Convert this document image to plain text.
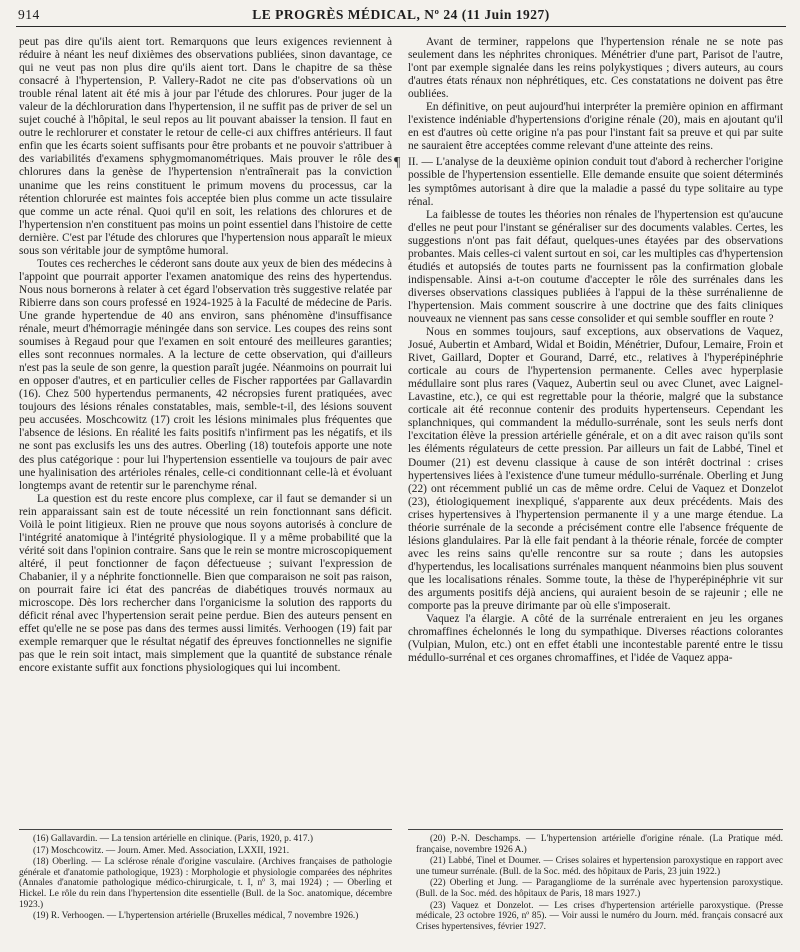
914	LE PROGRÈS MÉDICAL, Nº 24 (11 Juin 1927)

peut pas dire qu'ils aient tort. Remarquons que leurs exigences reviennent à réduire à néant les neuf dixièmes des observations publiées, sinon davantage, ce qui ne veut pas non plus dire qu'ils aient tort. Dans le chapitre de sa thèse consacré à l'hypertension, P. Vallery-Radot ne cite pas d'observations où un trouble rénal latent ait été mis à jour par l'étude des chlorures. Pour juger de la valeur de la déchloruration dans l'hypertension, il ne suffit pas de priver de sel un sujet couché à l'hôpital, le seul repos au lit pouvant abaisser la tension. Il faut en outre le rechlorurer et constater le retour de celle-ci aux chiffres antérieurs. Il faut enfin que les écarts soient suffisants pour être probants et ne pouvoir s'attribuer à des variabilités d'examens sphygmomanométriques. Mais prouver le rôle des chlorures dans la genèse de l'hypertension n'entraînerait pas la conviction unanime que les reins constituent le primum movens du processus, car la rétention chlorurée est maintes fois acceptée bien plus comme un acte tissulaire que comme un acte rénal. Quoi qu'il en soit, les relations des chlorures et de l'hypertension n'en constituent pas moins un point essentiel dans l'histoire de cette dernière. C'est par l'étude des chlorures que l'hypertension nous apparaît le mieux sous son véritable jour de symptôme humoral.

Toutes ces recherches le céderont sans doute aux yeux de bien des médecins à l'appoint que pourrait apporter l'examen anatomique des reins des hypertendus. Nous nous bornerons à relater à cet égard l'observation très suggestive relatée par Ribierre dans son cours professé en 1924-1925 à la Faculté de médecine de Paris. Une grande hypertendue de 40 ans environ, sans phénomène d'insuffisance rénale, meurt d'hémorragie méningée dans son service. Les coupes des reins sont soumises à Regaud pour que l'examen en soit entouré des meilleures garanties; elles sont reconnues normales. A la lecture de cette observation, qui d'ailleurs n'est pas la seule de son genre, la question paraît jugée. Néanmoins on pourrait lui en opposer d'autres, et en particulier celles de Fischer rapportées par Gallavardin (16). Chez 500 hypertendus permanents, 42 nécropsies furent pratiquées, avec toujours des lésions rénales constatables, mais, semble-t-il, des lésions souvent peu accusées. Moschcowitz (17) croit les lésions minimales plus fréquentes que l'absence de lésions. En réalité les faits positifs n'infirment pas les négatifs, et ils ne sont pas exclusifs les uns des autres. Oberling (18) toutefois apporte une note des plus catégorique : pour lui l'hypertension essentielle va toujours de pair avec une hyalinisation des artérioles rénales, celle-ci conditionnant celle-là et évoluant longtemps avant de retentir sur le parenchyme rénal.

La question est du reste encore plus complexe, car il faut se demander si un rein apparaissant sain est de toute nécessité un rein fonctionnant sans déficit. Voilà le point litigieux. Rien ne prouve que nous soyons autorisés à conclure de l'intégrité anatomique à l'intégrité physiologique. Il y a même probabilité que la vérité soit dans l'opinion contraire. Sans que le rein se montre microscopiquement altéré, il peut fonctionner de façon défectueuse ; suivant l'expression de Chabanier, il y a néphrite fonctionnelle. Bien que comparaison ne soit pas raison, on pourrait faire ici état des pancréas de diabétiques trouvés normaux au microscope. Dès lors rechercher dans l'organicisme la solution des rapports du déficit rénal avec l'hypertension serait peine perdue. Bien des auteurs pensent en effet qu'elle ne se pose pas dans des termes aussi limités. Verhoogen (19) fait par exemple remarquer que le résultat négatif des épreuves fonctionnelles ne signifie pas que le rein soit intact, mais simplement que la quantité de substance rénale encore existante suffit aux fonctions physiologiques qui lui incombent.

Avant de terminer, rappelons que l'hypertension rénale ne se note pas seulement dans les néphrites chroniques. Ménétrier d'une part, Parisot de l'autre, l'ont par exemple signalée dans les reins polykystiques ; divers auteurs, au cours d'autres états rénaux non néphrétiques, etc. Ces constatations ne doivent pas être oubliées.

En définitive, on peut aujourd'hui interpréter la première opinion en affirmant l'existence indéniable d'hypertensions d'origine rénale (20), mais en ajoutant qu'il en est d'autres où cette origine n'a pas pour l'instant fait sa preuve et qui par suite ne sauraient être acceptées comme relevant d'une atteinte des reins.

¶ II. — L'analyse de la deuxième opinion conduit tout d'abord à rechercher l'origine possible de l'hypertension essentielle. Elle demande ensuite que soient déterminés les symptômes autorisant à dire que la maladie a passé du type solitaire au type rénal.

La faiblesse de toutes les théories non rénales de l'hypertension est qu'aucune d'elles ne peut pour l'instant se généraliser sur des documents valables. Certes, les suggestions n'ont pas fait défaut, quelques-unes étayées par des observations probantes. Mais celles-ci valent surtout en soi, car les multiples cas d'hypertension étudiés et autopsiés de toutes parts ne fournissent pas la confirmation globale indispensable. Ainsi a-t-on coutume d'accepter le rôle des surrénales dans les diverses observations classiques publiées à l'appui de la thèse surrénalienne de l'hypertension. Mais comment souscrire à une doctrine que des faits cliniques nouveaux ne viennent pas sans cesse consolider et qui semble souffler en route ?

Nous en sommes toujours, sauf exceptions, aux observations de Vaquez, Josué, Aubertin et Ambard, Widal et Boidin, Ménétrier, Dufour, Lemaire, Froin et Rivet, Gaillard, Dopter et Gourand, Darré, etc., relatives à l'hyperépinéphrie corticale au cours de l'hypertension permanente. Celles avec hyperplasie médullaire sont plus rares (Vaquez, Aubertin seul ou avec Clunet, avec Laignel-Lavastine, etc.), ce qui est regrettable pour la théorie, malgré que la substance corticale ait été reconnue contenir des produits hypertenseurs. Cependant les splanchniques, qui commandent la médullo-surrénale, sont les seuls nerfs dont l'excitation élève la pression artérielle générale, et on a dit avec raison qu'ils sont les éléments régulateurs de cette pression. Par ailleurs un fait de Labbé, Tinel et Doumer (21) est devenu classique à cause de son intérêt doctrinal : crises hypertensives liées à l'existence d'une tumeur médullo-surrénale. Oberling et Jung (22) ont récemment publié un cas de même ordre. Celui de Vaquez et Donzelot (23), étiologiquement inexpliqué, s'apparente aux deux précédents. Mais des crises hypertensives à l'hypertension permanente il y a une marge étendue. La théorie surrénale de la seconde a précisément contre elle l'absence fréquente de lésions glandulaires. Par là elle fait pendant à la théorie rénale, forcée de compter avec les reins sains qu'elle rencontre sur sa route ; dans les autopsies d'hypertendus, les localisations surrénales manquent néanmoins bien plus souvent que les localisations rénales. Somme toute, la thèse de l'hyperépinéphrie vit sur des arguments positifs déjà anciens, qui auraient besoin de se rajeunir ; elle ne comporte pas la preuve dirimante par où elle s'imposerait.

Vaquez l'a élargie. A côté de la surrénale entreraient en jeu les organes chromaffines échelonnés le long du sympathique. Diverses réactions colorantes (Vulpian, Mulon, etc.) ont en effet établi une incontestable parenté entre le tissu médullo-surrénal et ces organes chromaffines, et l'idée de Vaquez appa-

(16) Gallavardin. — La tension artérielle en clinique. (Paris, 1920, p. 417.)

(17) Moschcowitz. — Journ. Amer. Med. Association, LXXII, 1921.

(18) Oberling. — La sclérose rénale d'origine vasculaire. (Archives françaises de pathologie générale et d'anatomie pathologique, 1923) : Morphologie et physiologie comparées des néphrites (Annales d'anatomie pathologique médico-chirurgicale, t. I, nº 3, mai 1924) ; — Oberling et Hickel. Le rôle du rein dans l'hypertension dite essentielle (Bull. de la Soc. anatomique, décembre 1923.)

(19) R. Verhoogen. — L'hypertension artérielle (Bruxelles médical, 7 novembre 1926.)

(20) P.-N. Deschamps. — L'hypertension artérielle d'origine rénale. (La Pratique méd. française, novembre 1926 A.)

(21) Labbé, Tinel et Doumer. — Crises solaires et hypertension paroxystique en rapport avec une tumeur surrénale. (Bull. de la Soc. méd. des hôpitaux de Paris, 23 juin 1922.)

(22) Oberling et Jung. — Paragangliome de la surrénale avec hypertension paroxystique. (Bull. de la Soc. méd. des hôpitaux de Paris, 18 mars 1927.)

(23) Vaquez et Donzelot. — Les crises d'hypertension artérielle paroxystique. (Presse médicale, 23 octobre 1926, nº 85). — Voir aussi le numéro du Journ. méd. français consacré aux Crises hypertensives, février 1927.
